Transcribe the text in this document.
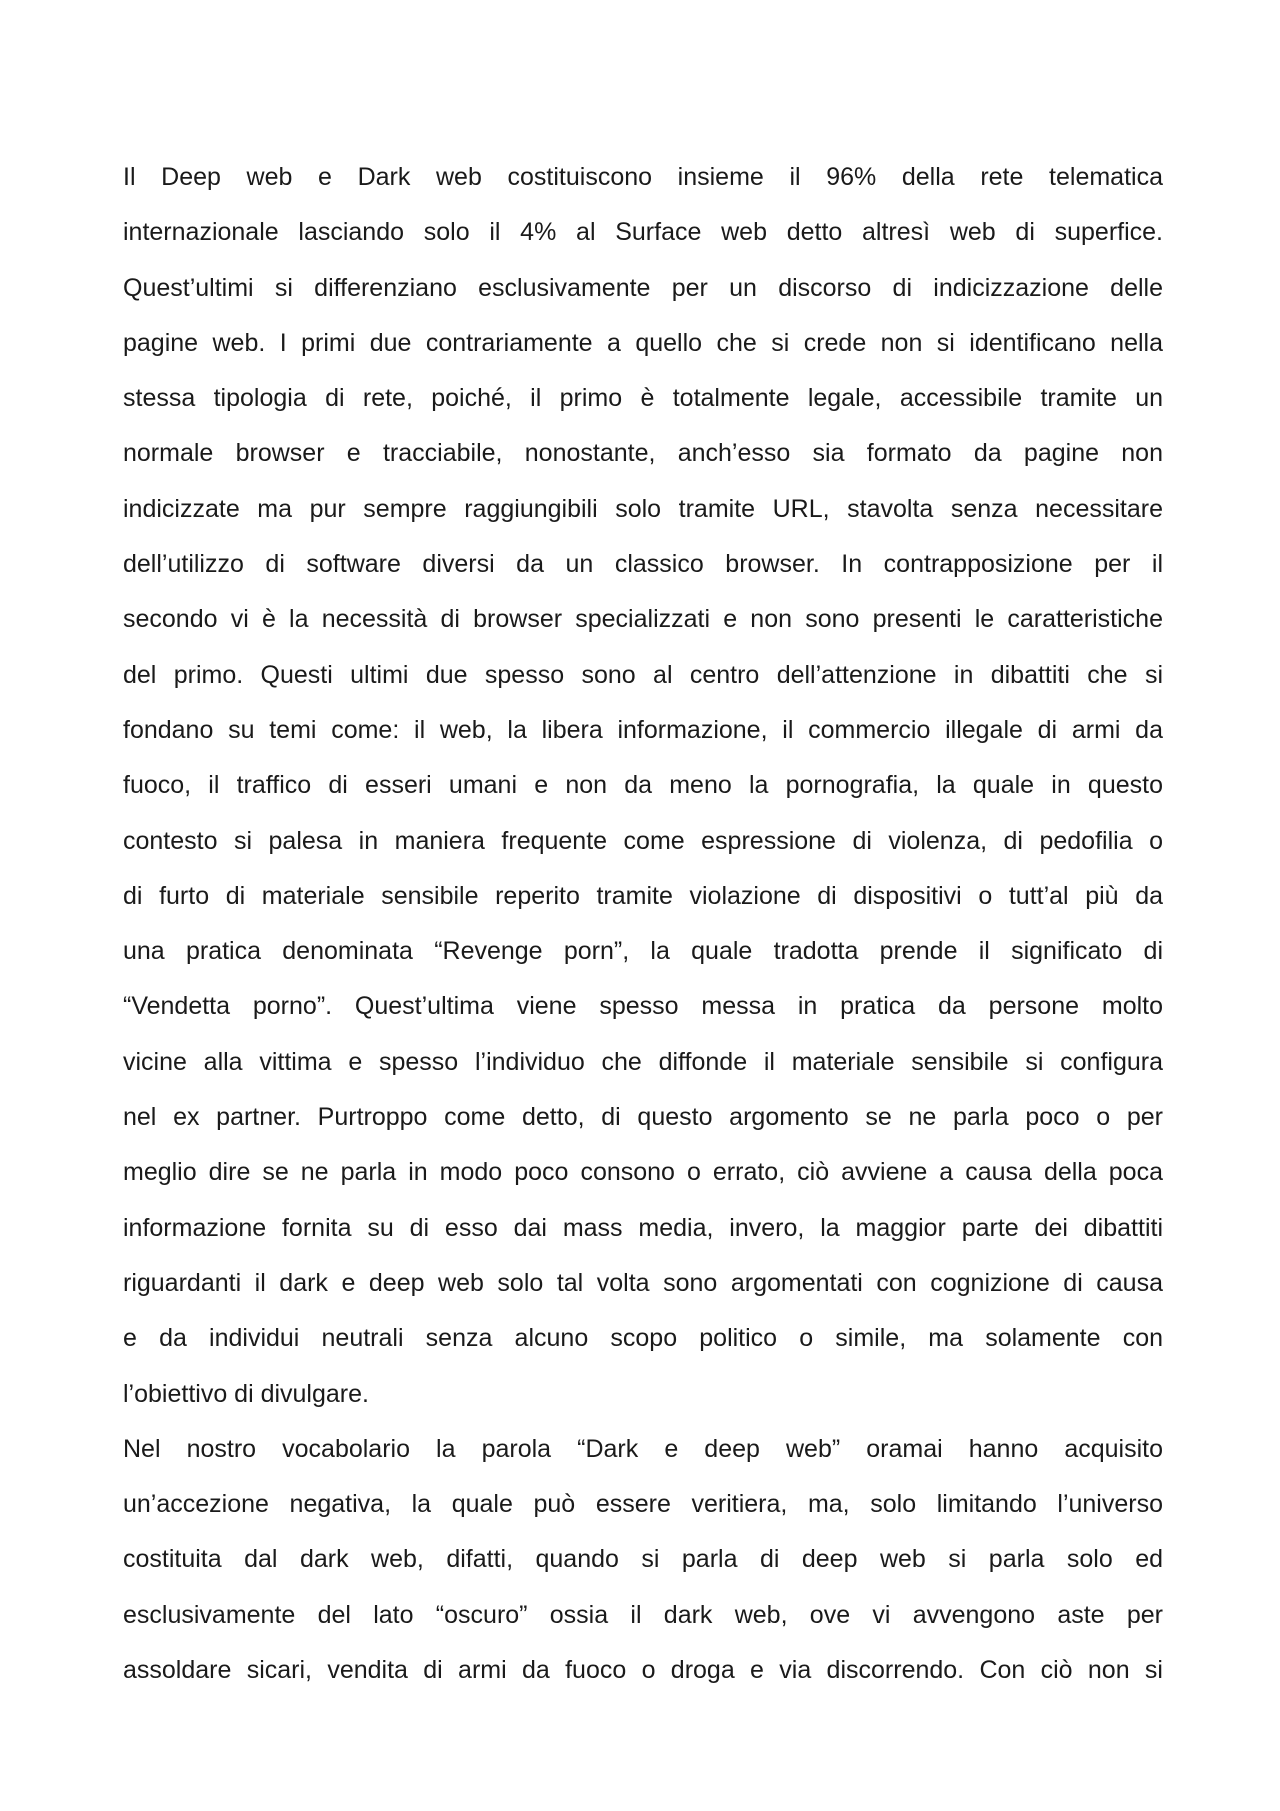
Il Deep web e Dark web costituiscono insieme il 96% della rete telematica
internazionale lasciando solo il 4% al Surface web detto altresì web di superfice.
Quest’ultimi si differenziano esclusivamente per un discorso di indicizzazione delle
pagine web. I primi due contrariamente a quello che si crede non si identificano nella
stessa tipologia di rete, poiché, il primo è totalmente legale, accessibile tramite un
normale browser e tracciabile, nonostante, anch’esso sia formato da pagine non
indicizzate ma pur sempre raggiungibili solo tramite URL, stavolta senza necessitare
dell’utilizzo di software diversi da un classico browser. In contrapposizione per il
secondo vi è la necessità di browser specializzati e non sono presenti le caratteristiche
del primo. Questi ultimi due spesso sono al centro dell’attenzione in dibattiti che si
fondano su temi come: il web, la libera informazione, il commercio illegale di armi da
fuoco, il traffico di esseri umani e non da meno la pornografia, la quale in questo
contesto si palesa in maniera frequente come espressione di violenza, di pedofilia o
di furto di materiale sensibile reperito tramite violazione di dispositivi o tutt’al più da
una pratica denominata “Revenge porn”, la quale tradotta prende il significato di
“Vendetta porno”. Quest’ultima viene spesso messa in pratica da persone molto
vicine alla vittima e spesso l’individuo che diffonde il materiale sensibile si configura
nel ex partner. Purtroppo come detto, di questo argomento se ne parla poco o per
meglio dire se ne parla in modo poco consono o errato, ciò avviene a causa della poca
informazione fornita su di esso dai mass media, invero, la maggior parte dei dibattiti
riguardanti il dark e deep web solo tal volta sono argomentati con cognizione di causa
e da individui neutrali senza alcuno scopo politico o simile, ma solamente con
l’obiettivo di divulgare.
Nel nostro vocabolario la parola “Dark e deep web” oramai hanno acquisito
un’accezione negativa, la quale può essere veritiera, ma, solo limitando l’universo
costituita dal dark web, difatti, quando si parla di deep web si parla solo ed
esclusivamente del lato “oscuro” ossia il dark web, ove vi avvengono aste per
assoldare sicari, vendita di armi da fuoco o droga e via discorrendo. Con ciò non si
